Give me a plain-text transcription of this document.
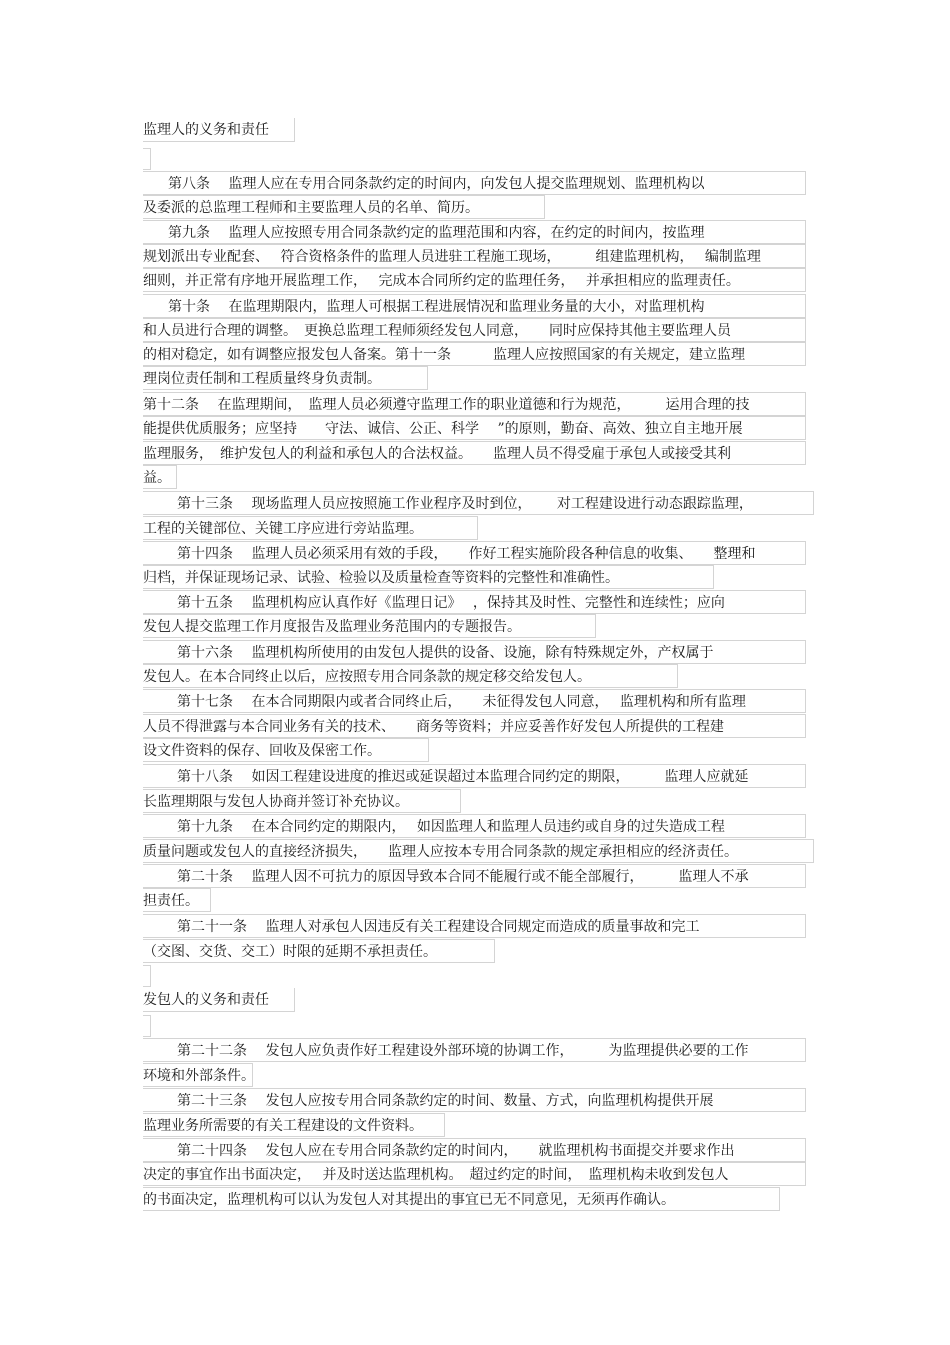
监理人的义务和责任
第八条　 监理人应在专用合同条款约定的时间内，向发包人提交监理规划、监理机构以
及委派的总监理工程师和主要监理人员的名单、简历。
第九条　 监理人应按照专用合同条款约定的监理范围和内容，在约定的时间内，按监理
规划派出专业配套、　 符合资格条件的监理人员进驻工程施工现场，　　　组建监理机构，　 编制监理
细则，并正常有序地开展监理工作，　 完成本合同所约定的监理任务，　 并承担相应的监理责任。
第十条　 在监理期限内，监理人可根据工程进展情况和监理业务量的大小，对监理机构
和人员进行合理的调整。　更换总监理工程师须经发包人同意，　　同时应保持其他主要监理人员
的相对稳定，如有调整应报发包人备案。第十一条　　　监理人应按照国家的有关规定，建立监理
理岗位责任制和工程质量终身负责制。
第十二条　 在监理期间，　监理人员必须遵守监理工作的职业道德和行为规范，　　　运用合理的技
能提供优质服务；应坚持　　守法、诚信、公正、科学　 ”的原则，勤奋、高效、独立自主地开展
监理服务，　维护发包人的利益和承包人的合法权益。　　监理人员不得受雇于承包人或接受其利
益。
第十三条　 现场监理人员应按照施工作业程序及时到位，　　 对工程建设进行动态跟踪监理，
工程的关键部位、关键工序应进行旁站监理。
第十四条　 监理人员必须采用有效的手段，　　作好工程实施阶段各种信息的收集、　　整理和
归档，并保证现场记录、试验、检验以及质量检查等资料的完整性和准确性。
第十五条　 监理机构应认真作好《监理日记》　 ，保持其及时性、完整性和连续性；应向
发包人提交监理工作月度报告及监理业务范围内的专题报告。
第十六条　 监理机构所使用的由发包人提供的设备、设施，除有特殊规定外，产权属于
发包人。在本合同终止以后，应按照专用合同条款的规定移交给发包人。
第十七条　 在本合同期限内或者合同终止后，　　未征得发包人同意，　 监理机构和所有监理
人员不得泄露与本合同业务有关的技术、　　商务等资料；并应妥善作好发包人所提供的工程建
设文件资料的保存、回收及保密工作。
第十八条　 如因工程建设进度的推迟或延误超过本监理合同约定的期限，　　　监理人应就延
长监理期限与发包人协商并签订补充协议。
第十九条　 在本合同约定的期限内，　 如因监理人和监理人员违约或自身的过失造成工程
质量问题或发包人的直接经济损失，　　监理人应按本专用合同条款的规定承担相应的经济责任。
第二十条　 监理人因不可抗力的原因导致本合同不能履行或不能全部履行，　　　监理人不承
担责任。
第二十一条　 监理人对承包人因违反有关工程建设合同规定而造成的质量事故和完工
（交图、交货、交工）时限的延期不承担责任。
发包人的义务和责任
第二十二条　 发包人应负责作好工程建设外部环境的协调工作，　　　为监理提供必要的工作
环境和外部条件。
第二十三条　 发包人应按专用合同条款约定的时间、数量、方式，向监理机构提供开展
监理业务所需要的有关工程建设的文件资料。
第二十四条　 发包人应在专用合同条款约定的时间内，　　就监理机构书面提交并要求作出
决定的事宜作出书面决定，　 并及时送达监理机构。　超过约定的时间，　监理机构未收到发包人
的书面决定，监理机构可以认为发包人对其提出的事宜已无不同意见，无须再作确认。
